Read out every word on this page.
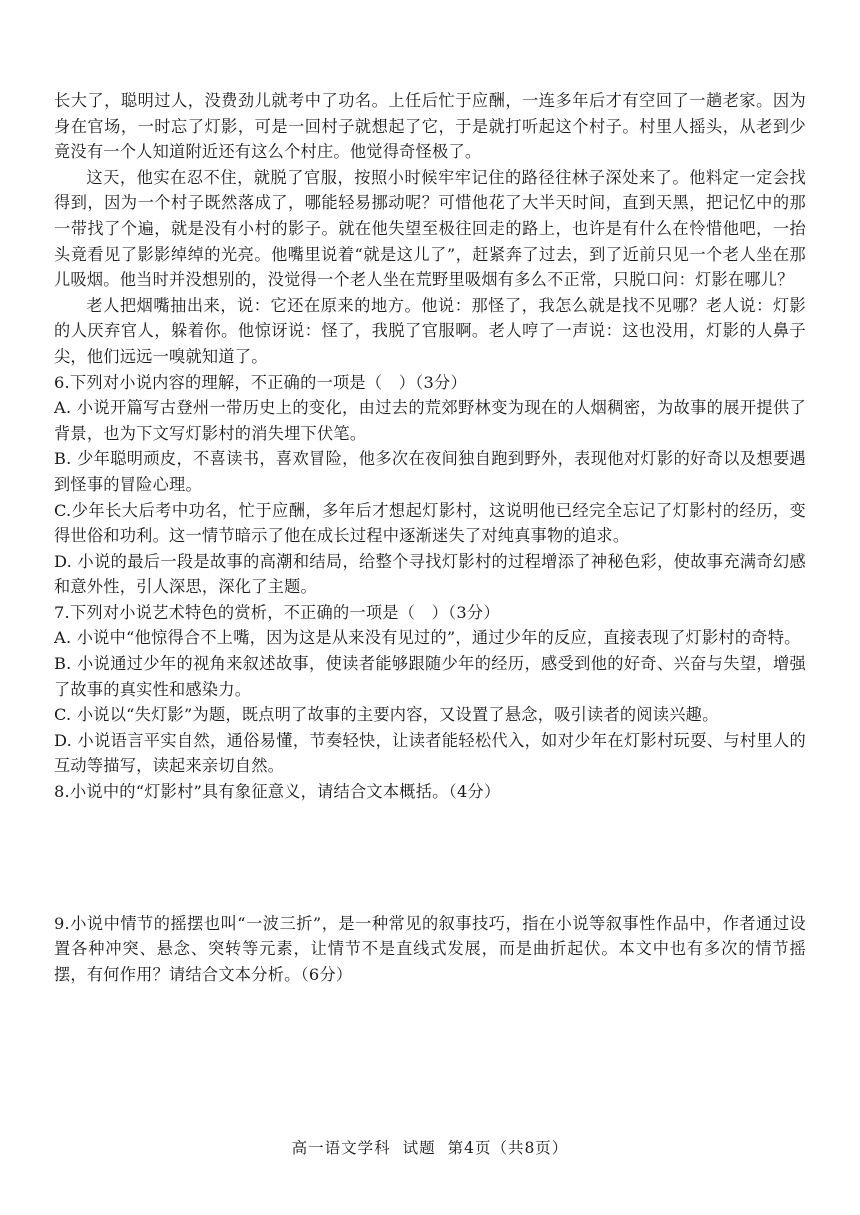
长大了，聪明过人，没费劲儿就考中了功名。上任后忙于应酬，一连多年后才有空回了一趟老家。因为身在官场，一时忘了灯影，可是一回村子就想起了它，于是就打听起这个村子。村里人摇头，从老到少竟没有一个人知道附近还有这么个村庄。他觉得奇怪极了。

这天，他实在忍不住，就脱了官服，按照小时候牢牢记住的路径往林子深处来了。他料定一定会找得到，因为一个村子既然落成了，哪能轻易挪动呢？可惜他花了大半天时间，直到天黑，把记忆中的那一带找了个遍，就是没有小村的影子。就在他失望至极往回走的路上，也许是有什么在怜惜他吧，一抬头竟看见了影影绰绰的光亮。他嘴里说着“就是这儿了”，赶紧奔了过去，到了近前只见一个老人坐在那儿吸烟。他当时并没想别的，没觉得一个老人坐在荒野里吸烟有多么不正常，只脱口问：灯影在哪儿？

老人把烟嘴抽出来，说：它还在原来的地方。他说：那怪了，我怎么就是找不见哪？老人说：灯影的人厌弃官人，躲着你。他惊讶说：怪了，我脱了官服啊。老人哼了一声说：这也没用，灯影的人鼻子尖，他们远远一嗅就知道了。

6.下列对小说内容的理解，不正确的一项是（　）（3分）

A. 小说开篇写古登州一带历史上的变化，由过去的荒郊野林变为现在的人烟稠密，为故事的展开提供了背景，也为下文写灯影村的消失埋下伏笔。

B. 少年聪明顽皮，不喜读书，喜欢冒险，他多次在夜间独自跑到野外，表现他对灯影的好奇以及想要遇到怪事的冒险心理。

C.少年长大后考中功名，忙于应酬，多年后才想起灯影村，这说明他已经完全忘记了灯影村的经历，变得世俗和功利。这一情节暗示了他在成长过程中逐渐迷失了对纯真事物的追求。

D. 小说的最后一段是故事的高潮和结局，给整个寻找灯影村的过程增添了神秘色彩，使故事充满奇幻感和意外性，引人深思，深化了主题。

7.下列对小说艺术特色的赏析，不正确的一项是（　）（3分）

A. 小说中“他惊得合不上嘴，因为这是从来没有见过的”，通过少年的反应，直接表现了灯影村的奇特。

B. 小说通过少年的视角来叙述故事，使读者能够跟随少年的经历，感受到他的好奇、兴奋与失望，增强了故事的真实性和感染力。

C. 小说以“失灯影”为题，既点明了故事的主要内容，又设置了悬念，吸引读者的阅读兴趣。

D. 小说语言平实自然，通俗易懂，节奏轻快，让读者能轻松代入，如对少年在灯影村玩耍、与村里人的互动等描写，读起来亲切自然。

8.小说中的“灯影村”具有象征意义，请结合文本概括。（4分）

9.小说中情节的摇摆也叫“一波三折”，是一种常见的叙事技巧，指在小说等叙事性作品中，作者通过设置各种冲突、悬念、突转等元素，让情节不是直线式发展，而是曲折起伏。本文中也有多次的情节摇摆，有何作用？请结合文本分析。（6分）

高一语文学科 试题 第4页（共8页）
